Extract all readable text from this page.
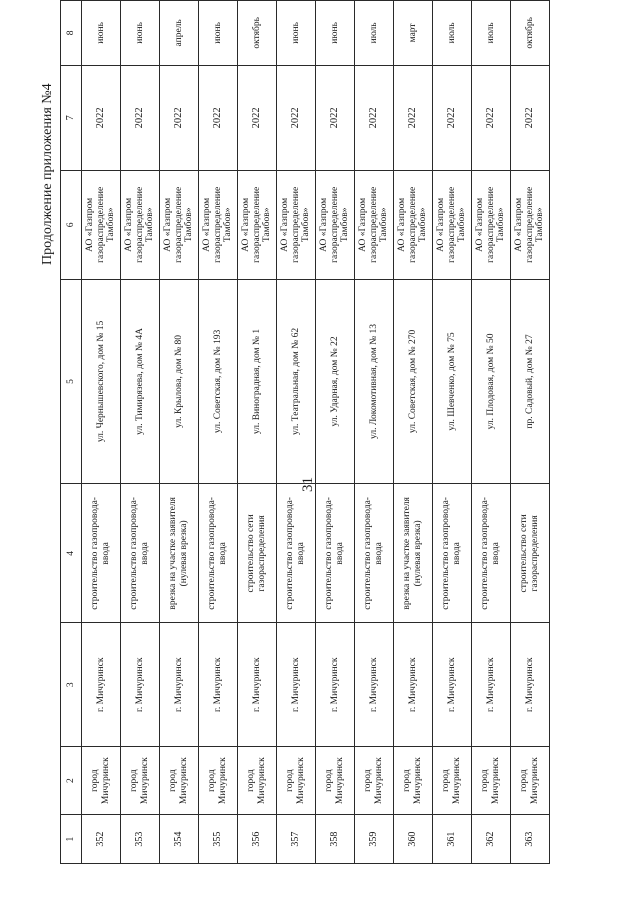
31
Продолжение приложения №4
1	2	3	4	5	6	7	8
352	город Мичуринск	г. Мичуринск	строительство газопровода-ввода	ул. Чернышевского, дом № 15	АО «Газпром газораспределение Тамбов»	2022	июнь
353	город Мичуринск	г. Мичуринск	строительство газопровода-ввода	ул. Тимирязева, дом № 4А	АО «Газпром газораспределение Тамбов»	2022	июнь
354	город Мичуринск	г. Мичуринск	врезка на участке заявителя (нулевая врезка)	ул. Крылова, дом № 80	АО «Газпром газораспределение Тамбов»	2022	апрель
355	город Мичуринск	г. Мичуринск	строительство газопровода-ввода	ул. Советская, дом № 193	АО «Газпром газораспределение Тамбов»	2022	июнь
356	город Мичуринск	г. Мичуринск	строительство сети газораспределения	ул. Виноградная, дом № 1	АО «Газпром газораспределение Тамбов»	2022	октябрь
357	город Мичуринск	г. Мичуринск	строительство газопровода-ввода	ул. Театральная, дом № 62	АО «Газпром газораспределение Тамбов»	2022	июнь
358	город Мичуринск	г. Мичуринск	строительство газопровода-ввода	ул. Ударная, дом № 22	АО «Газпром газораспределение Тамбов»	2022	июнь
359	город Мичуринск	г. Мичуринск	строительство газопровода-ввода	ул. Локомотивная, дом № 13	АО «Газпром газораспределение Тамбов»	2022	июль
360	город Мичуринск	г. Мичуринск	врезка на участке заявителя (нулевая врезка)	ул. Советская, дом № 270	АО «Газпром газораспределение Тамбов»	2022	март
361	город Мичуринск	г. Мичуринск	строительство газопровода-ввода	ул. Шевченко, дом № 75	АО «Газпром газораспределение Тамбов»	2022	июль
362	город Мичуринск	г. Мичуринск	строительство газопровода-ввода	ул. Плодовая, дом № 50	АО «Газпром газораспределение Тамбов»	2022	июль
363	город Мичуринск	г. Мичуринск	строительство сети газораспределения	пр. Садовый, дом № 27	АО «Газпром газораспределение Тамбов»	2022	октябрь
